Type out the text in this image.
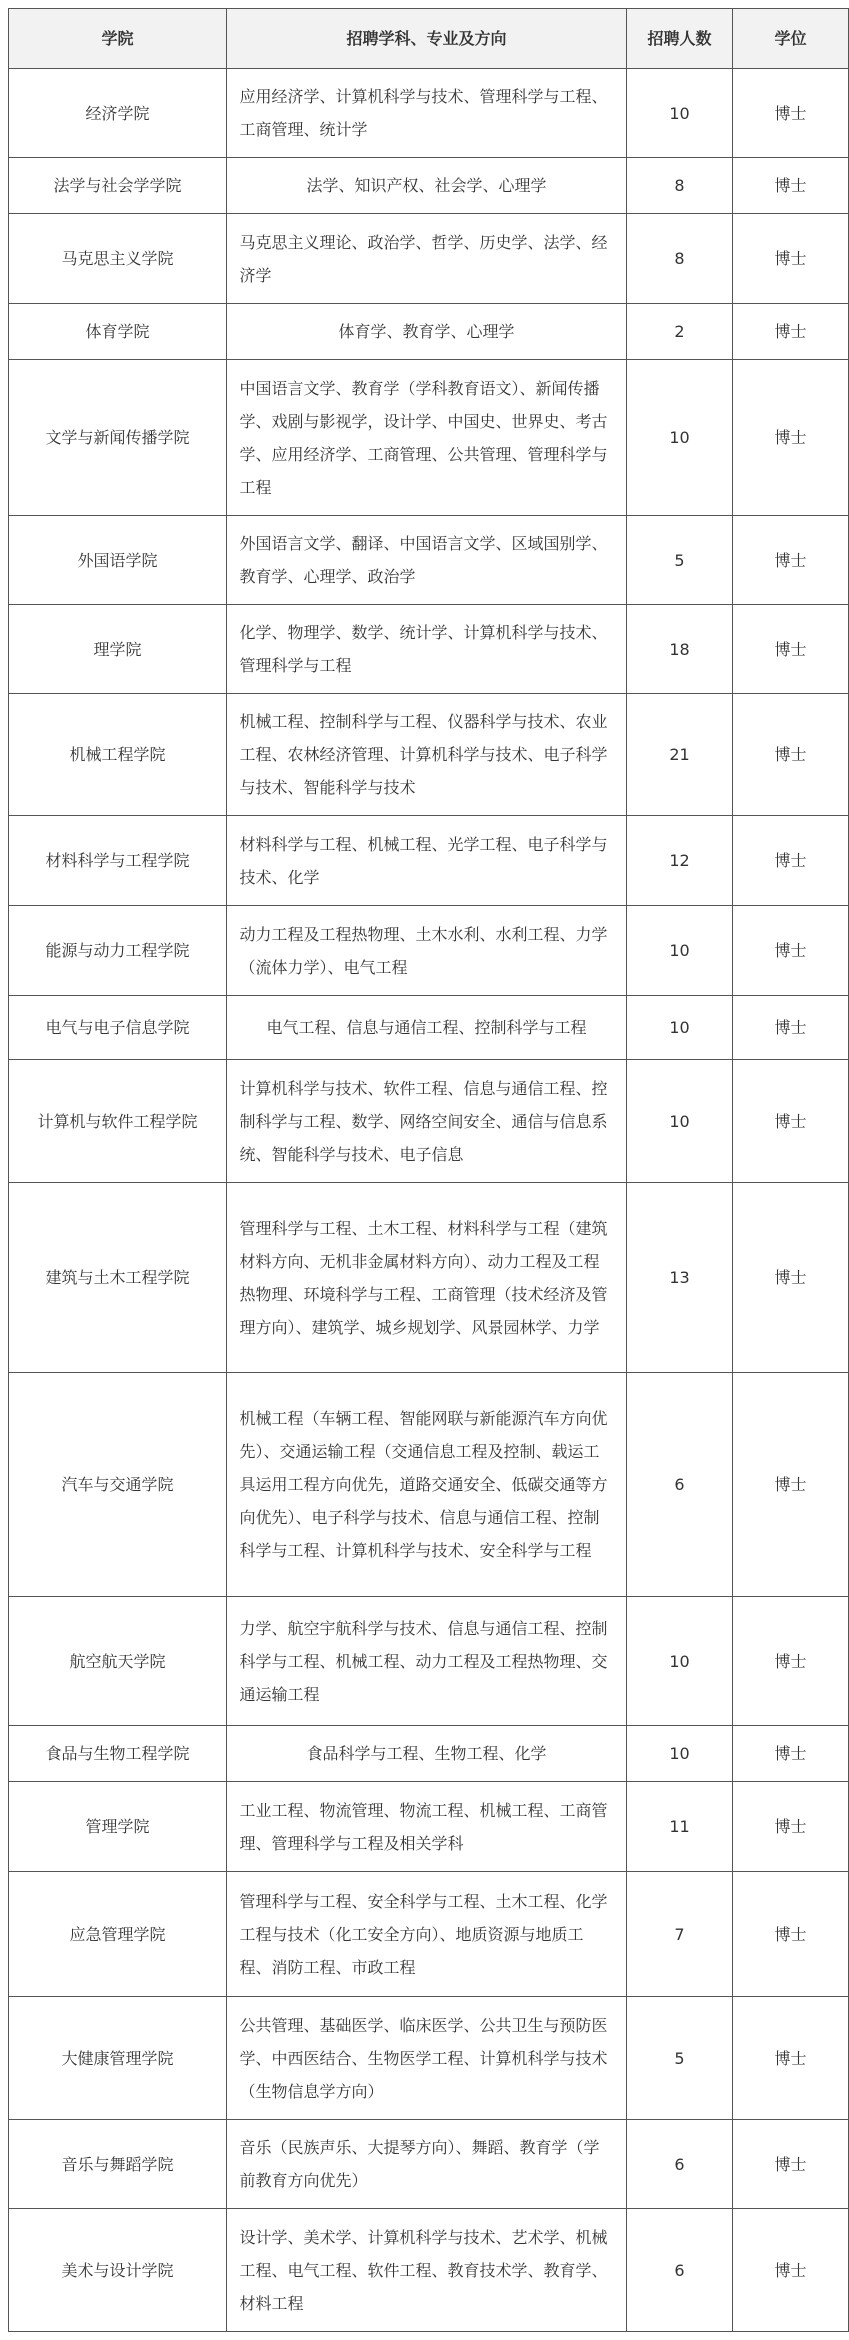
学院	招聘学科、专业及方向	招聘人数	学位
经济学院	应用经济学、计算机科学与技术、管理科学与工程、工商管理、统计学	10	博士
法学与社会学学院	法学、知识产权、社会学、心理学	8	博士
马克思主义学院	马克思主义理论、政治学、哲学、历史学、法学、经济学	8	博士
体育学院	体育学、教育学、心理学	2	博士
文学与新闻传播学院	中国语言文学、教育学（学科教育语文）、新闻传播学、戏剧与影视学，设计学、中国史、世界史、考古学、应用经济学、工商管理、公共管理、管理科学与工程	10	博士
外国语学院	外国语言文学、翻译、中国语言文学、区域国别学、教育学、心理学、政治学	5	博士
理学院	化学、物理学、数学、统计学、计算机科学与技术、管理科学与工程	18	博士
机械工程学院	机械工程、控制科学与工程、仪器科学与技术、农业工程、农林经济管理、计算机科学与技术、电子科学与技术、智能科学与技术	21	博士
材料科学与工程学院	材料科学与工程、机械工程、光学工程、电子科学与技术、化学	12	博士
能源与动力工程学院	动力工程及工程热物理、土木水利、水利工程、力学（流体力学）、电气工程	10	博士
电气与电子信息学院	电气工程、信息与通信工程、控制科学与工程	10	博士
计算机与软件工程学院	计算机科学与技术、软件工程、信息与通信工程、控制科学与工程、数学、网络空间安全、通信与信息系统、智能科学与技术、电子信息	10	博士
建筑与土木工程学院	管理科学与工程、土木工程、材料科学与工程（建筑材料方向、无机非金属材料方向）、动力工程及工程热物理、环境科学与工程、工商管理（技术经济及管理方向）、建筑学、城乡规划学、风景园林学、力学	13	博士
汽车与交通学院	机械工程（车辆工程、智能网联与新能源汽车方向优先）、交通运输工程（交通信息工程及控制、载运工具运用工程方向优先，道路交通安全、低碳交通等方向优先）、电子科学与技术、信息与通信工程、控制科学与工程、计算机科学与技术、安全科学与工程	6	博士
航空航天学院	力学、航空宇航科学与技术、信息与通信工程、控制科学与工程、机械工程、动力工程及工程热物理、交通运输工程	10	博士
食品与生物工程学院	食品科学与工程、生物工程、化学	10	博士
管理学院	工业工程、物流管理、物流工程、机械工程、工商管理、管理科学与工程及相关学科	11	博士
应急管理学院	管理科学与工程、安全科学与工程、土木工程、化学工程与技术（化工安全方向）、地质资源与地质工程、消防工程、市政工程	7	博士
大健康管理学院	公共管理、基础医学、临床医学、公共卫生与预防医学、中西医结合、生物医学工程、计算机科学与技术（生物信息学方向）	5	博士
音乐与舞蹈学院	音乐（民族声乐、大提琴方向）、舞蹈、教育学（学前教育方向优先）	6	博士
美术与设计学院	设计学、美术学、计算机科学与技术、艺术学、机械工程、电气工程、软件工程、教育技术学、教育学、材料工程	6	博士
